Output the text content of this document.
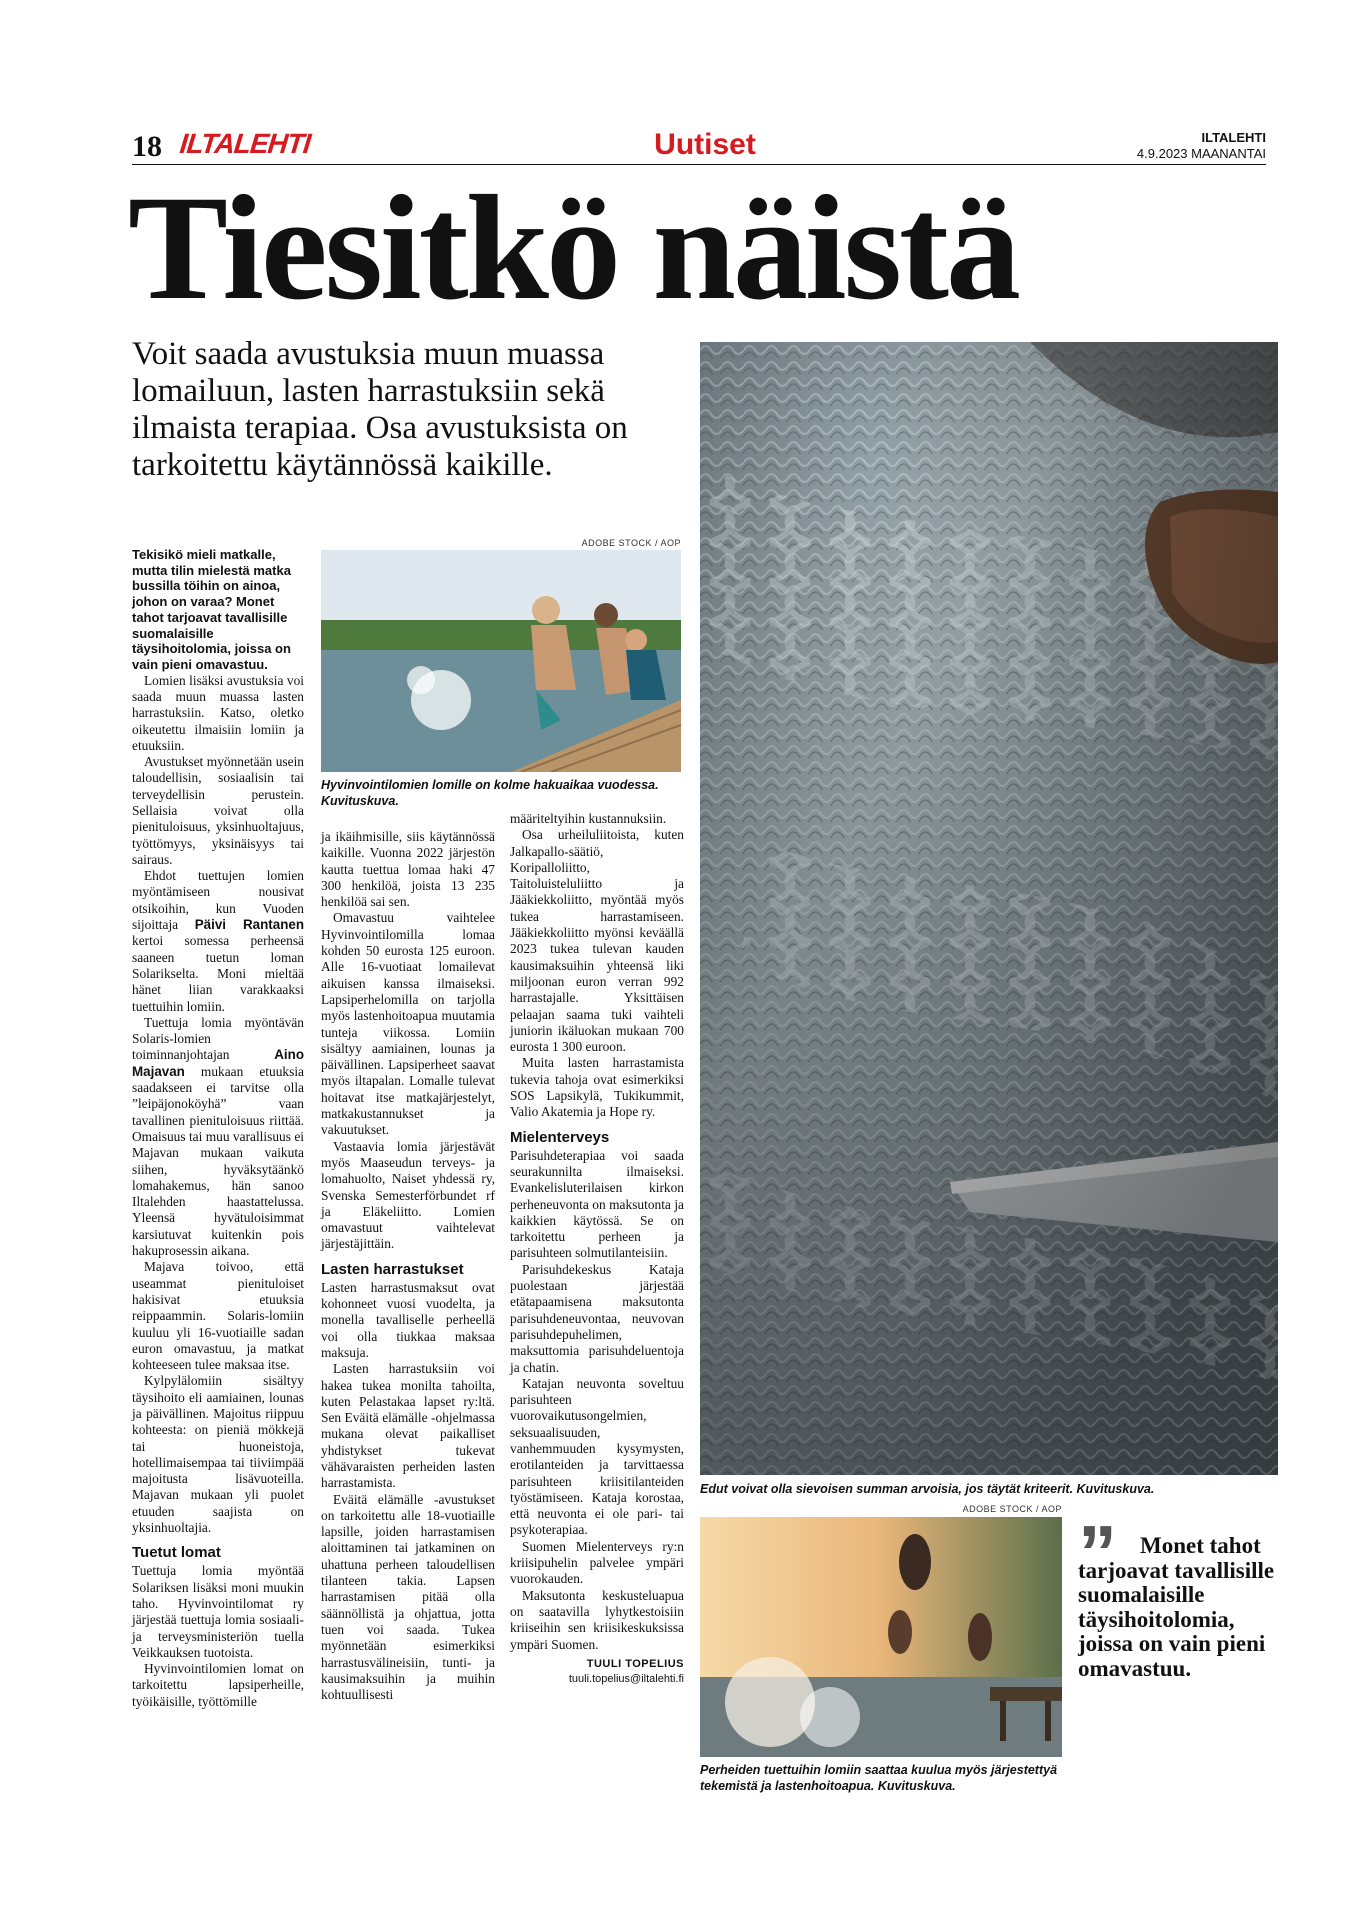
18 ILTALEHTI	Uutiset	ILTALEHTI
4.9.2023 MAANANTAI
Tiesitkö näistä
Voit saada avustuksia muun muassa lomailuun, lasten harrastuksiin sekä ilmaista terapiaa. Osa avustuksista on tarkoitettu käytännössä kaikille.
ADOBE STOCK / AOP
Hyvinvointilomien lomille on kolme hakuaikaa vuodessa. Kuvituskuva.
Edut voivat olla sievoisen summan arvoisia, jos täytät kriteerit. Kuvituskuva.

Tekisikö mieli matkalle, mutta tilin mielestä matka bussilla töihin on ainoa, johon on varaa? Monet tahot tarjoavat tavallisille suomalaisille täysihoitolomia, joissa on vain pieni omavastuu.

Lomien lisäksi avustuksia voi saada muun muassa lasten harrastuksiin. Katso, oletko oikeutettu ilmaisiin lomiin ja etuuksiin.

Avustukset myönnetään usein taloudellisin, sosiaalisin tai terveydellisin perustein. Sellaisia voivat olla pienituloisuus, yksinhuoltajuus, työttömyys, yksinäisyys tai sairaus.

Ehdot tuettujen lomien myöntämiseen nousivat otsikoihin, kun Vuoden sijoittaja Päivi Rantanen kertoi somessa perheensä saaneen tuetun loman Solarikselta. Moni mieltää hänet liian varakkaaksi tuettuihin lomiin.

Tuettuja lomia myöntävän Solaris-lomien toiminnanjohtajan Aino Majavan mukaan etuuksia saadakseen ei tarvitse olla ”leipäjonoköyhä” vaan tavallinen pienituloisuus riittää. Omaisuus tai muu varallisuus ei Majavan mukaan vaikuta siihen, hyväksytäänkö lomahakemus, hän sanoo Iltalehden haastattelussa. Yleensä hyvätuloisimmat karsiutuvat kuitenkin pois hakuprosessin aikana.

Majava toivoo, että useammat pienituloiset hakisivat etuuksia reippaammin. Solaris-lomiin kuuluu yli 16-vuotiaille sadan euron omavastuu, ja matkat kohteeseen tulee maksaa itse.

Kylpylälomiin sisältyy täysihoito eli aamiainen, lounas ja päivällinen. Majoitus riippuu kohteesta: on pieniä mökkejä tai huoneistoja, hotellimaisempaa tai tiiviimpää majoitusta lisävuoteilla. Majavan mukaan yli puolet etuuden saajista on yksinhuoltajia.

Tuetut lomat

Tuettuja lomia myöntää Solariksen lisäksi moni muukin taho. Hyvinvointilomat ry järjestää tuettuja lomia sosiaali- ja terveysministeriön tuella Veikkauksen tuotoista.

Hyvinvointilomien lomat on tarkoitettu lapsiperheille, työikäisille, työttömille

ja ikäihmisille, siis käytännössä kaikille. Vuonna 2022 järjestön kautta tuettua lomaa haki 47 300 henkilöä, joista 13 235 henkilöä sai sen.

Omavastuu vaihtelee Hyvinvointilomilla lomaa kohden 50 eurosta 125 euroon. Alle 16-vuotiaat lomailevat aikuisen kanssa ilmaiseksi. Lapsiperhelomilla on tarjolla myös lastenhoitoapua muutamia tunteja viikossa. Lomiin sisältyy aamiainen, lounas ja päivällinen. Lapsiperheet saavat myös iltapalan. Lomalle tulevat hoitavat itse matkajärjestelyt, matkakustannukset ja vakuutukset.

Vastaavia lomia järjestävät myös Maaseudun terveys- ja lomahuolto, Naiset yhdessä ry, Svenska Semesterförbundet rf ja Eläkeliitto. Lomien omavastuut vaihtelevat järjestäjittäin.

Lasten harrastukset

Lasten harrastusmaksut ovat kohonneet vuosi vuodelta, ja monella tavalliselle perheellä voi olla tiukkaa maksaa maksuja.

Lasten harrastuksiin voi hakea tukea monilta tahoilta, kuten Pelastakaa lapset ry:ltä. Sen Eväitä elämälle -ohjelmassa mukana olevat paikalliset yhdistykset tukevat vähävaraisten perheiden lasten harrastamista.

Eväitä elämälle -avustukset on tarkoitettu alle 18-vuotiaille lapsille, joiden harrastamisen aloittaminen tai jatkaminen on uhattuna perheen taloudellisen tilanteen takia. Lapsen harrastamisen pitää olla säännöllistä ja ohjattua, jotta tuen voi saada. Tukea myönnetään esimerkiksi harrastusvälineisiin, tunti- ja kausimaksuihin ja muihin kohtuullisesti

määriteltyihin kustannuksiin.

Osa urheiluliitoista, kuten Jalkapallo-säätiö, Koripalloliitto, Taitoluisteluliitto ja Jääkiekkoliitto, myöntää myös tukea harrastamiseen. Jääkiekkoliitto myönsi keväällä 2023 tukea tulevan kauden kausimaksuihin yhteensä liki miljoonan euron verran 992 harrastajalle. Yksittäisen pelaajan saama tuki vaihteli juniorin ikäluokan mukaan 700 eurosta 1 300 euroon.

Muita lasten harrastamista tukevia tahoja ovat esimerkiksi SOS Lapsikylä, Tukikummit, Valio Akatemia ja Hope ry.

Mielenterveys

Parisuhdeterapiaa voi saada seurakunnilta ilmaiseksi. Evankelisluterilaisen kirkon perheneuvonta on maksutonta ja kaikkien käytössä. Se on tarkoitettu perheen ja parisuhteen solmutilanteisiin.

Parisuhdekeskus Kataja puolestaan järjestää etätapaamisena maksutonta parisuhdeneuvontaa, neuvovan parisuhdepuhelimen, maksuttomia parisuhdeluentoja ja chatin.

Katajan neuvonta soveltuu parisuhteen vuorovaikutusongelmien, seksuaalisuuden, vanhemmuuden kysymysten, erotilanteiden ja tarvittaessa parisuhteen kriisitilanteiden työstämiseen. Kataja korostaa, että neuvonta ei ole pari- tai psykoterapiaa.

Suomen Mielenterveys ry:n kriisipuhelin palvelee ympäri vuorokauden.

Maksutonta keskusteluapua on saatavilla lyhytkestoisiin kriiseihin sen kriisikeskuksissa ympäri Suomen.

TUULI TOPELIUS
tuuli.topelius@iltalehti.fi
ADOBE STOCK / AOP
Perheiden tuettuihin lomiin saattaa kuulua myös järjestettyä tekemistä ja lastenhoitoapua. Kuvituskuva.
”	Monet tahot tarjoavat tavallisille suomalaisille täysihoitolomia, joissa on vain pieni omavastuu.
